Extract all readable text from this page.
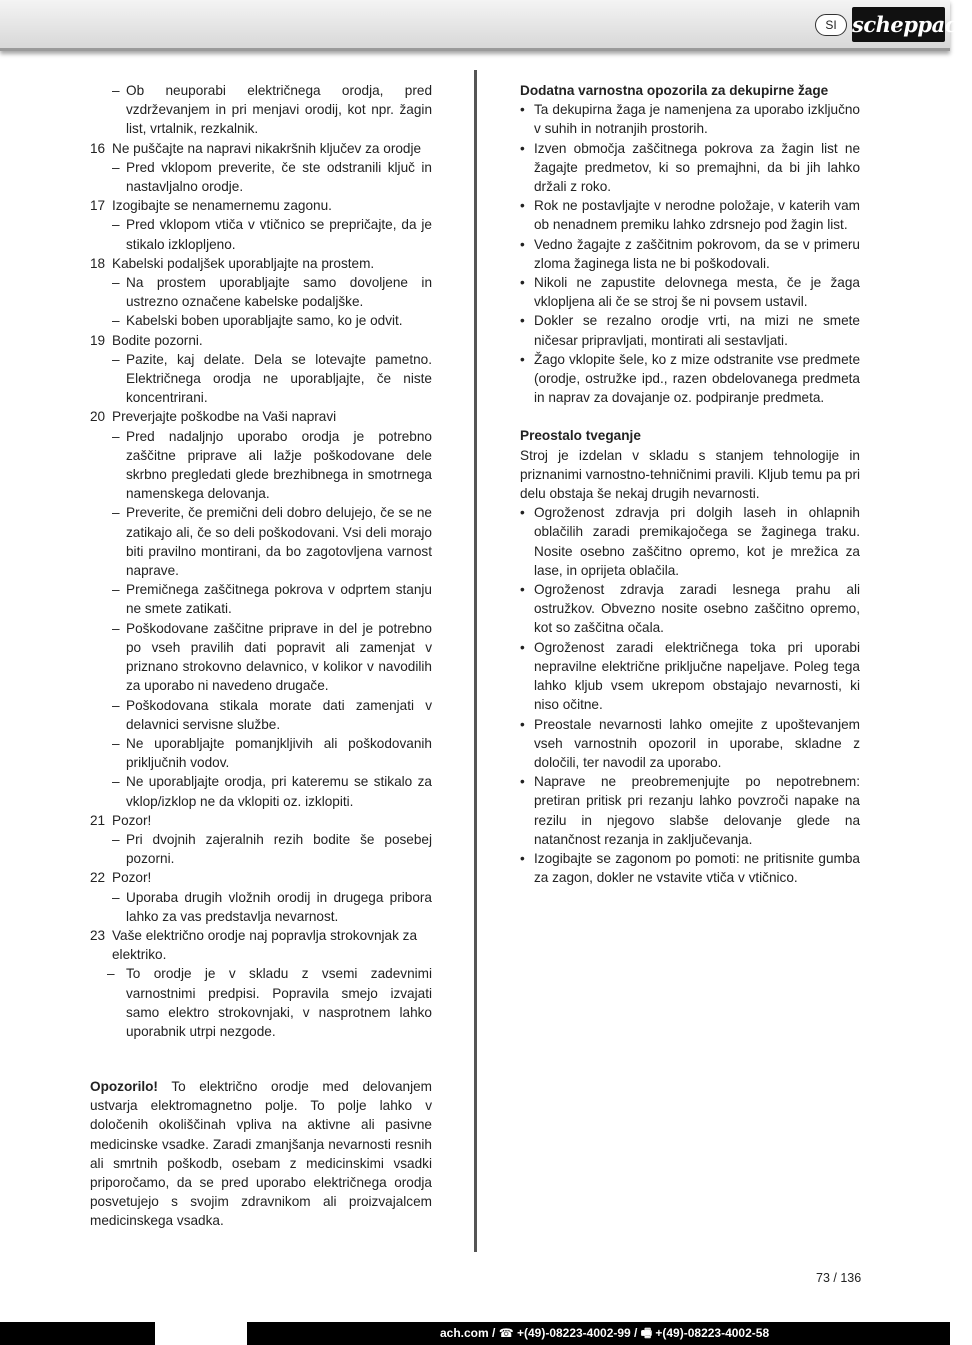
SI scheppach
– Ob neuporabi električnega orodja, pred vzdrževanjem in pri menjavi orodij, kot npr. žagin list, vrtalnik, rezkalnik.
16 Ne puščajte na napravi nikakršnih ključev za orodje
– Pred vklopom preverite, če ste odstranili ključ in nastavljalno orodje.
17 Izogibajte se nenamernemu zagonu.
– Pred vklopom vtiča v vtičnico se prepričajte, da je stikalo izklopljeno.
18 Kabelski podaljšek uporabljajte na prostem.
– Na prostem uporabljajte samo dovoljene in ustrezno označene kabelske podaljške.
– Kabelski boben uporabljajte samo, ko je odvit.
19 Bodite pozorni.
– Pazite, kaj delate. Dela se lotevajte pametno. Električnega orodja ne uporabljajte, če niste koncentrirani.
20 Preverjajte poškodbe na Vaši napravi
– Pred nadaljnjo uporabo orodja je potrebno zaščitne priprave ali lažje poškodovane dele skrbno pregledati glede brezhibnega in smotrnega namenskega delovanja.
– Preverite, če premični deli dobro delujejo, če se ne zatikajo ali, če so deli poškodovani. Vsi deli morajo biti pravilno montirani, da bo zagotovljena varnost naprave.
– Premičnega zaščitnega pokrova v odprtem stanju ne smete zatikati.
– Poškodovane zaščitne priprave in del je potrebno po vseh pravilih dati popravit ali zamenjat v priznano strokovno delavnico, v kolikor v navodilih za uporabo ni navedeno drugače.
– Poškodovana stikala morate dati zamenjati v delavnici servisne službe.
– Ne uporabljajte pomanjkljivih ali poškodovanih priključnih vodov.
– Ne uporabljajte orodja, pri kateremu se stikalo za vklop/izklop ne da vklopiti oz. izklopiti.
21 Pozor!
– Pri dvojnih zajeralnih rezih bodite še posebej pozorni.
22 Pozor!
– Uporaba drugih vložnih orodij in drugega pribora lahko za vas predstavlja nevarnost.
23 Vaše električno orodje naj popravlja strokovnjak za elektriko.
– To orodje je v skladu z vsemi zadevnimi varnostnimi predpisi. Popravila smejo izvajati samo elektro strokovnjaki, v nasprotnem lahko uporabnik utrpi nezgode.
Opozorilo! To električno orodje med delovanjem ustvarja elektromagnetno polje. To polje lahko v določenih okoliščinah vpliva na aktivne ali pasivne medicinske vsadke. Zaradi zmanjšanja nevarnosti resnih ali smrtnih poškodb, osebam z medicinskimi vsadki priporočamo, da se pred uporabo električnega orodja posvetujejo s svojim zdravnikom ali proizvajalcem medicinskega vsadka.

Dodatna varnostna opozorila za dekupirne žage

• Ta dekupirna žaga je namenjena za uporabo izključno v suhih in notranjih prostorih.
• Izven območja zaščitnega pokrova za žagin list ne žagajte predmetov, ki so premajhni, da bi jih lahko držali z roko.
• Rok ne postavljajte v nerodne položaje, v katerih vam ob nenadnem premiku lahko zdrsnejo pod žagin list.
• Vedno žagajte z zaščitnim pokrovom, da se v primeru zloma žaginega lista ne bi poškodovali.
• Nikoli ne zapustite delovnega mesta, če je žaga vklopljena ali če se stroj še ni povsem ustavil.
• Dokler se rezalno orodje vrti, na mizi ne smete ničesar pripravljati, montirati ali sestavljati.
• Žago vklopite šele, ko z mize odstranite vse predmete (orodje, ostružke ipd., razen obdelovanega predmeta in naprav za dovajanje oz. podpiranje predmeta.

Preostalo tveganje

Stroj je izdelan v skladu s stanjem tehnologije in priznanimi varnostno-tehničnimi pravili. Kljub temu pa pri delu obstaja še nekaj drugih nevarnosti.

• Ogroženost zdravja pri dolgih laseh in ohlapnih oblačilih zaradi premikajočega se žaginega traku. Nosite osebno zaščitno opremo, kot je mrežica za lase, in oprijeta oblačila.
• Ogroženost zdravja zaradi lesnega prahu ali ostružkov. Obvezno nosite osebno zaščitno opremo, kot so zaščitna očala.
• Ogroženost zaradi električnega toka pri uporabi nepravilne električne priključne napeljave. Poleg tega lahko kljub vsem ukrepom obstajajo nevarnosti, ki niso očitne.
• Preostale nevarnosti lahko omejite z upoštevanjem vseh varnostnih opozoril in uporabe, skladne z določili, ter navodil za uporabo.
• Naprave ne preobremenjujte po nepotrebnem: pretiran pritisk pri rezanju lahko povzroči napake na rezilu in njegovo slabše delovanje glede na natančnost rezanja in zaključevanja.
• Izogibajte se zagonom po pomoti: ne pritisnite gumba za zagon, dokler ne vstavite vtiča v vtičnico.
73 / 136
ach.com / ☎ +(49)-08223-4002-99 / 🖷 +(49)-08223-4002-58
